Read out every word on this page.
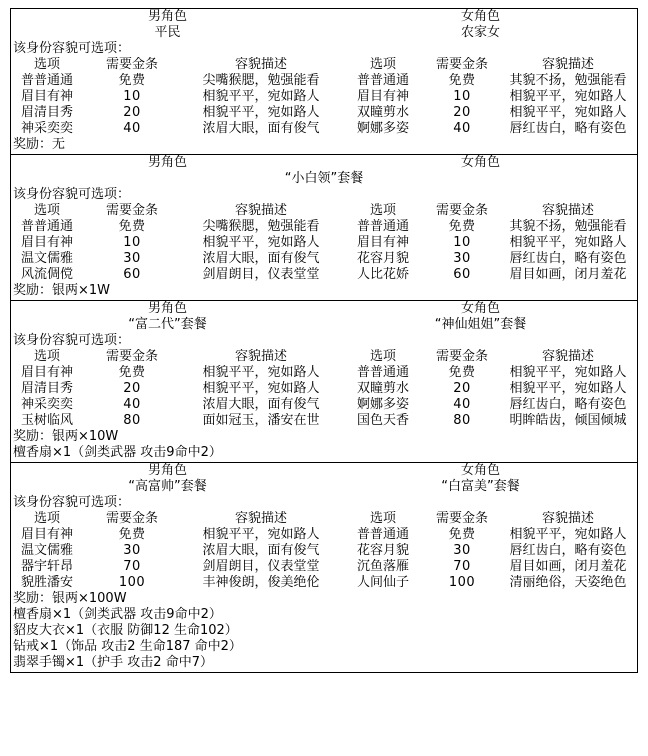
男角色	女角色
平民	农家女
该身份容貌可选项：
选项	需要金条	容貌描述	选项	需要金条	容貌描述
普普通通	免费	尖嘴猴腮，勉强能看	普普通通	免费	其貌不扬，勉强能看
眉目有神	10	相貌平平，宛如路人	眉目有神	10	相貌平平，宛如路人
眉清目秀	20	相貌平平，宛如路人	双瞳剪水	20	相貌平平，宛如路人
神采奕奕	40	浓眉大眼，面有俊气	婀娜多姿	40	唇红齿白，略有姿色
奖励：无
男角色	女角色
“小白领”套餐
该身份容貌可选项：
选项	需要金条	容貌描述	选项	需要金条	容貌描述
普普通通	免费	尖嘴猴腮，勉强能看	普普通通	免费	其貌不扬，勉强能看
眉目有神	10	相貌平平，宛如路人	眉目有神	10	相貌平平，宛如路人
温文儒雅	30	浓眉大眼，面有俊气	花容月貌	30	唇红齿白，略有姿色
风流倜傥	60	剑眉朗目，仪表堂堂	人比花娇	60	眉目如画，闭月羞花
奖励：银两×1W
男角色	女角色
“富二代”套餐	“神仙姐姐”套餐
该身份容貌可选项：
选项	需要金条	容貌描述	选项	需要金条	容貌描述
眉目有神	免费	相貌平平，宛如路人	普普通通	免费	相貌平平，宛如路人
眉清目秀	20	相貌平平，宛如路人	双瞳剪水	20	相貌平平，宛如路人
神采奕奕	40	浓眉大眼，面有俊气	婀娜多姿	40	唇红齿白，略有姿色
玉树临风	80	面如冠玉，潘安在世	国色天香	80	明眸皓齿，倾国倾城
奖励：银两×10W
檀香扇×1（剑类武器 攻击9命中2）
男角色	女角色
“高富帅”套餐	“白富美”套餐
该身份容貌可选项：
选项	需要金条	容貌描述	选项	需要金条	容貌描述
眉目有神	免费	相貌平平，宛如路人	普普通通	免费	相貌平平，宛如路人
温文儒雅	30	浓眉大眼，面有俊气	花容月貌	30	唇红齿白，略有姿色
器宇轩昂	70	剑眉朗目，仪表堂堂	沉鱼落雁	70	眉目如画，闭月羞花
貌胜潘安	100	丰神俊朗，俊美绝伦	人间仙子	100	清丽绝俗，天姿绝色
奖励：银两×100W
檀香扇×1（剑类武器 攻击9命中2）
貂皮大衣×1（衣服 防御12 生命102）
钻戒×1（饰品 攻击2 生命187 命中2）
翡翠手镯×1（护手 攻击2 命中7）
